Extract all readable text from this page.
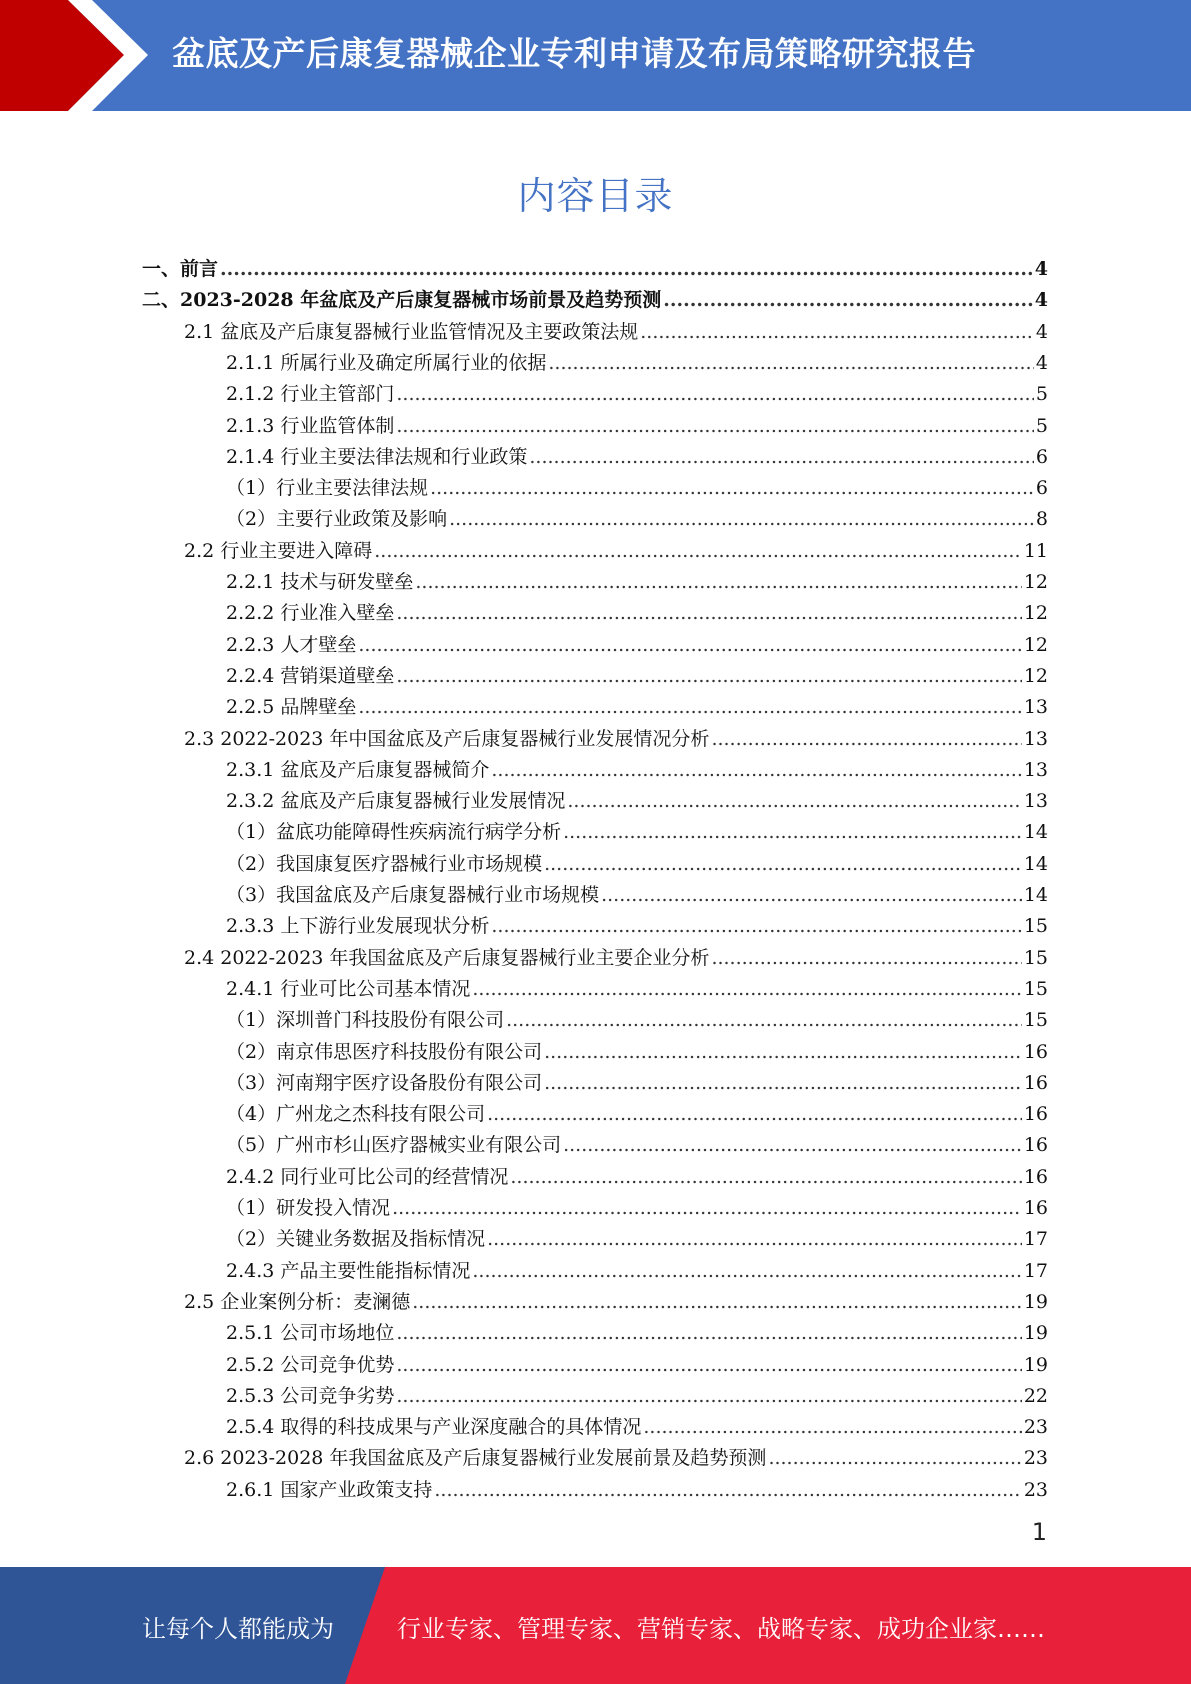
盆底及产后康复器械企业专利申请及布局策略研究报告
内容目录
一、前言 .....	4
二、2023-2028 年盆底及产后康复器械市场前景及趋势预测 .....	4
2.1 盆底及产后康复器械行业监管情况及主要政策法规 .....	4
2.1.1 所属行业及确定所属行业的依据 .....	4
2.1.2 行业主管部门 .....	5
2.1.3 行业监管体制 .....	5
2.1.4 行业主要法律法规和行业政策 .....	6
（1）行业主要法律法规 .....	6
（2）主要行业政策及影响 .....	8
2.2 行业主要进入障碍 .....	11
2.2.1 技术与研发壁垒 .....	12
2.2.2 行业准入壁垒 .....	12
2.2.3 人才壁垒 .....	12
2.2.4 营销渠道壁垒 .....	12
2.2.5 品牌壁垒 .....	13
2.3 2022-2023 年中国盆底及产后康复器械行业发展情况分析 .....	13
2.3.1 盆底及产后康复器械简介 .....	13
2.3.2 盆底及产后康复器械行业发展情况 .....	13
（1）盆底功能障碍性疾病流行病学分析 .....	14
（2）我国康复医疗器械行业市场规模 .....	14
（3）我国盆底及产后康复器械行业市场规模 .....	14
2.3.3 上下游行业发展现状分析 .....	15
2.4 2022-2023 年我国盆底及产后康复器械行业主要企业分析 .....	15
2.4.1 行业可比公司基本情况 .....	15
（1）深圳普门科技股份有限公司 .....	15
（2）南京伟思医疗科技股份有限公司 .....	16
（3）河南翔宇医疗设备股份有限公司 .....	16
（4）广州龙之杰科技有限公司 .....	16
（5）广州市杉山医疗器械实业有限公司 .....	16
2.4.2 同行业可比公司的经营情况 .....	16
（1）研发投入情况 .....	16
（2）关键业务数据及指标情况 .....	17
2.4.3 产品主要性能指标情况 .....	17
2.5 企业案例分析：麦澜德 .....	19
2.5.1 公司市场地位 .....	19
2.5.2 公司竞争优势 .....	19
2.5.3 公司竞争劣势 .....	22
2.5.4 取得的科技成果与产业深度融合的具体情况 .....	23
2.6 2023-2028 年我国盆底及产后康复器械行业发展前景及趋势预测 .....	23
2.6.1 国家产业政策支持 .....	23
1
让每个人都能成为	行业专家、管理专家、营销专家、战略专家、成功企业家……
